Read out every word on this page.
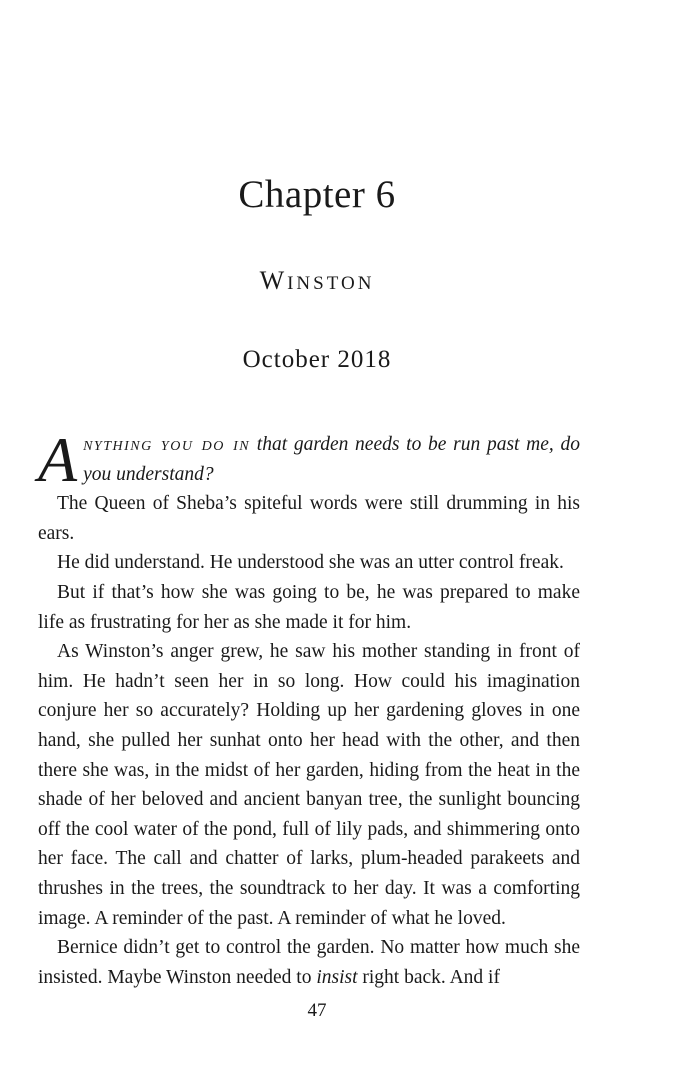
Chapter 6
WINSTON
October 2018

Anything you do in that garden needs to be run past me, do you understand?

The Queen of Sheba’s spiteful words were still drumming in his ears.

He did understand. He understood she was an utter control freak.

But if that’s how she was going to be, he was prepared to make life as frustrating for her as she made it for him.

As Winston’s anger grew, he saw his mother standing in front of him. He hadn’t seen her in so long. How could his imagination conjure her so accurately? Holding up her gardening gloves in one hand, she pulled her sunhat onto her head with the other, and then there she was, in the midst of her garden, hiding from the heat in the shade of her beloved and ancient banyan tree, the sunlight bouncing off the cool water of the pond, full of lily pads, and shimmering onto her face. The call and chatter of larks, plum-headed parakeets and thrushes in the trees, the soundtrack to her day. It was a comforting image. A reminder of the past. A reminder of what he loved.

Bernice didn’t get to control the garden. No matter how much she insisted. Maybe Winston needed to insist right back. And if

47
